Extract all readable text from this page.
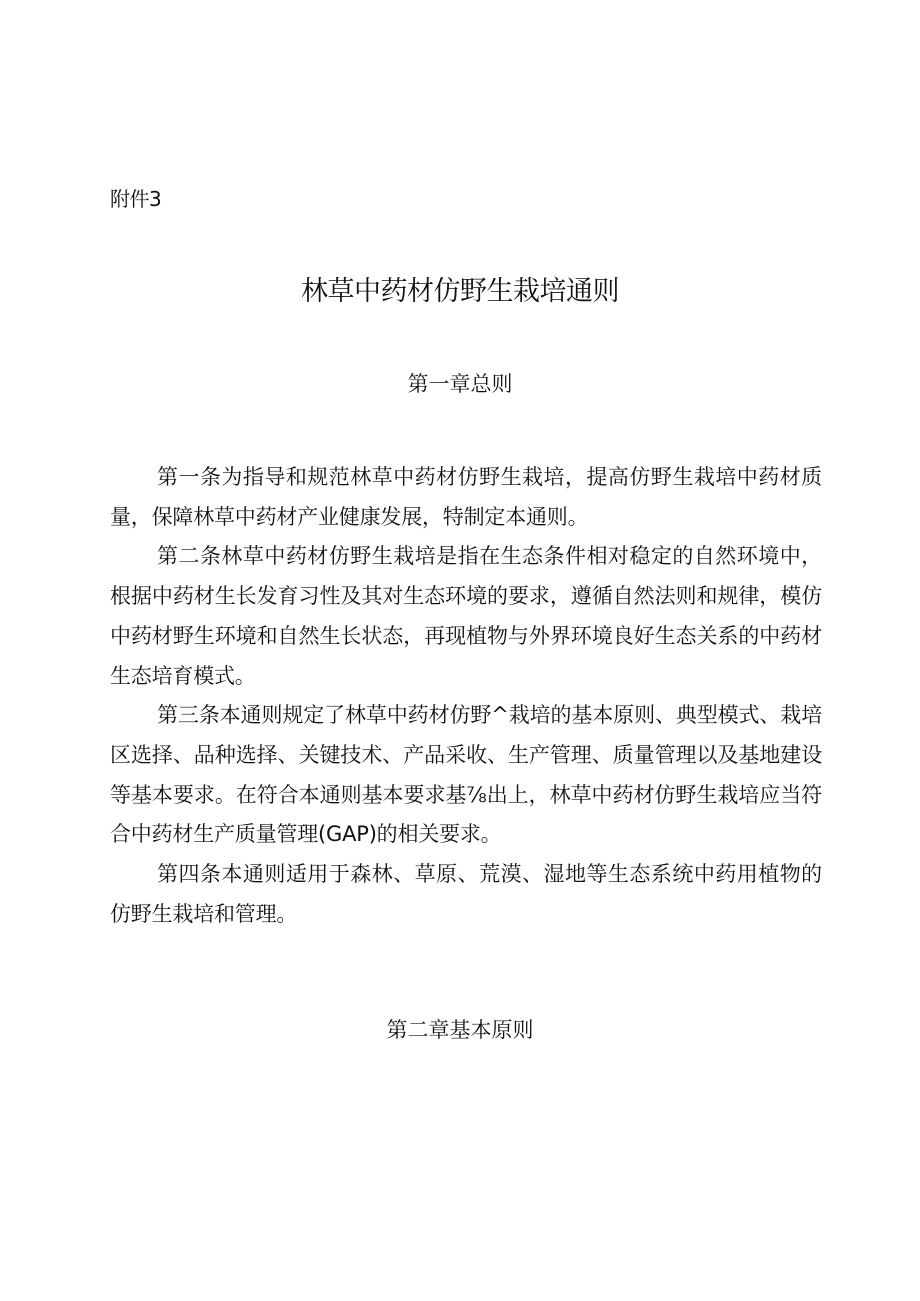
附件3
林草中药材仿野生栽培通则
第一章总则

第一条为指导和规范林草中药材仿野生栽培，提高仿野生栽培中药材质量，保障林草中药材产业健康发展，特制定本通则。

第二条林草中药材仿野生栽培是指在生态条件相对稳定的自然环境中，根据中药材生长发育习性及其对生态环境的要求，遵循自然法则和规律，模仿中药材野生环境和自然生长状态，再现植物与外界环境良好生态关系的中药材生态培育模式。

第三条本通则规定了林草中药材仿野^栽培的基本原则、典型模式、栽培区选择、品种选择、关键技术、产品采收、生产管理、质量管理以及基地建设等基本要求。在符合本通则基本要求基⅞出上，林草中药材仿野生栽培应当符合中药材生产质量管理(GAP)的相关要求。

第四条本通则适用于森林、草原、荒漠、湿地等生态系统中药用植物的仿野生栽培和管理。

第二章基本原则
